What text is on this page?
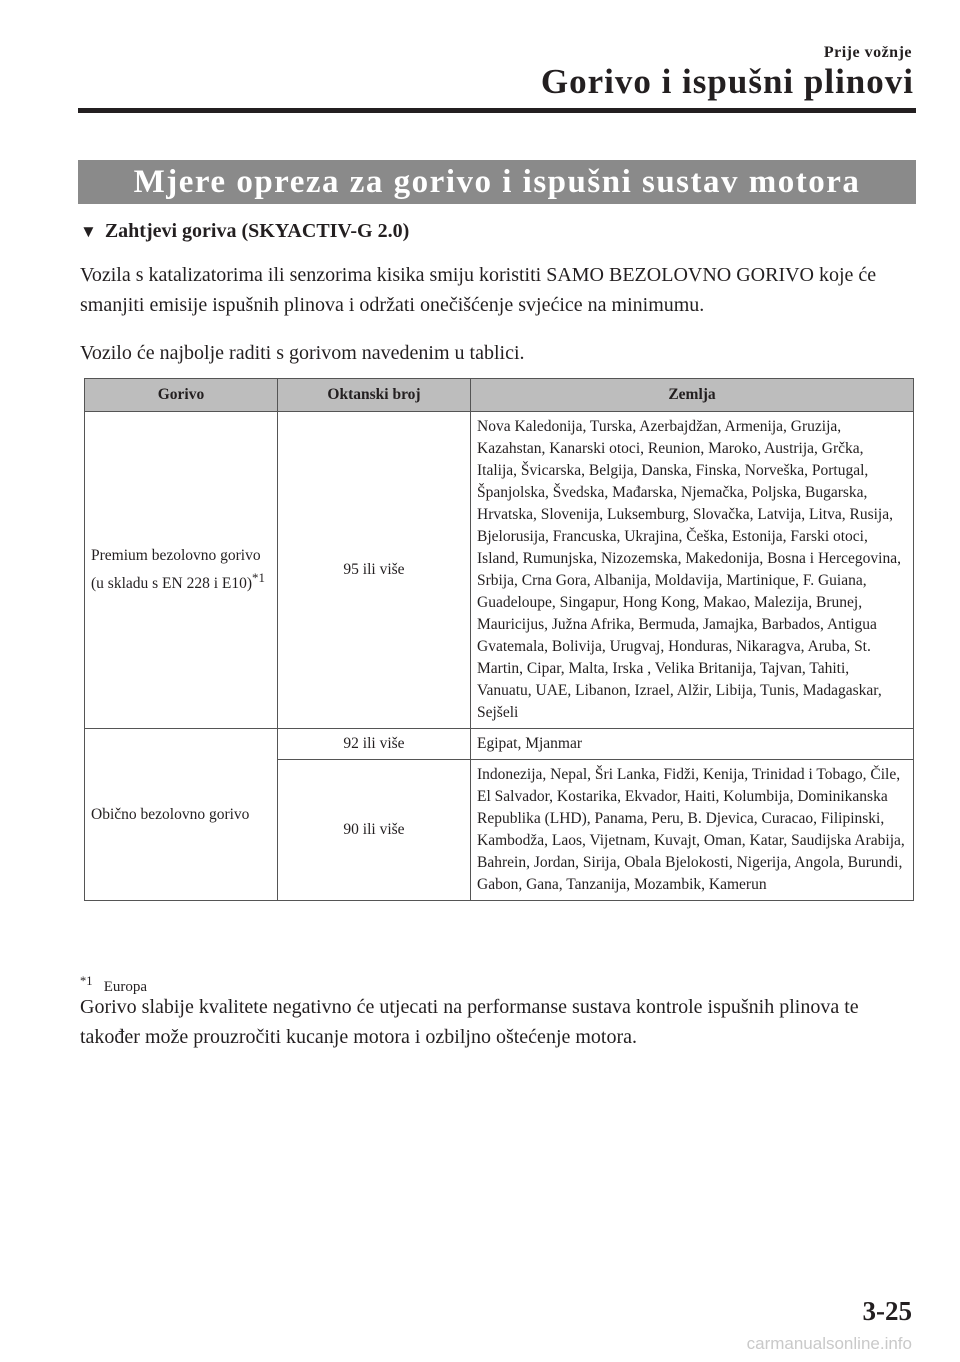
Prije vožnje
Gorivo i ispušni plinovi
Mjere opreza za gorivo i ispušni sustav motora
▼ Zahtjevi goriva (SKYACTIV-G 2.0)
Vozila s katalizatorima ili senzorima kisika smiju koristiti SAMO BEZOLOVNO GORIVO koje će smanjiti emisije ispušnih plinova i održati onečišćenje svjećice na minimumu.
Vozilo će najbolje raditi s gorivom navedenim u tablici.
Gorivo	Oktanski broj	Zemlja
Premium bezolovno gorivo (u skladu s EN 228 i E10)$^{*1}$	95 ili više	Nova Kaledonija, Turska, Azerbajdžan, Armenija, Gruzija, Kazahstan, Kanarski otoci, Reunion, Maroko, Austrija, Grčka, Italija, Švicarska, Belgija, Danska, Finska, Norveška, Portugal, Španjolska, Švedska, Mađarska, Njemačka, Poljska, Bugarska, Hrvatska, Slovenija, Luksemburg, Slovačka, Latvija, Litva, Rusija, Bjelorusija, Francuska, Ukrajina, Češka, Estonija, Farski otoci, Island, Rumunjska, Nizozemska, Makedonija, Bosna i Hercegovina, Srbija, Crna Gora, Albanija, Moldavija, Martinique, F. Guiana, Guadeloupe, Singapur, Hong Kong, Makao, Malezija, Brunej, Mauricijus, Južna Afrika, Bermuda, Jamajka, Barbados, Antigua Gvatemala, Bolivija, Urugvaj, Honduras, Nikaragva, Aruba, St. Martin, Cipar, Malta, Irska , Velika Britanija, Tajvan, Tahiti, Vanuatu, UAE, Libanon, Izrael, Alžir, Libija, Tunis, Madagaskar, Sejšeli
Obično bezolovno gorivo	92 ili više	Egipat, Mjanmar
	90 ili više	Indonezija, Nepal, Šri Lanka, Fidži, Kenija, Trinidad i Tobago, Čile, El Salvador, Kostarika, Ekvador, Haiti, Kolumbija, Dominikanska Republika (LHD), Panama, Peru, B. Djevica, Curacao, Filipinski, Kambodža, Laos, Vijetnam, Kuvajt, Oman, Katar, Saudijska Arabija, Bahrein, Jordan, Sirija, Obala Bjelokosti, Nigerija, Angola, Burundi, Gabon, Gana, Tanzanija, Mozambik, Kamerun
$^{*1}$ Europa
Gorivo slabije kvalitete negativno će utjecati na performanse sustava kontrole ispušnih plinova te također može prouzročiti kucanje motora i ozbiljno oštećenje motora.
3-25
carmanualsonline.info
